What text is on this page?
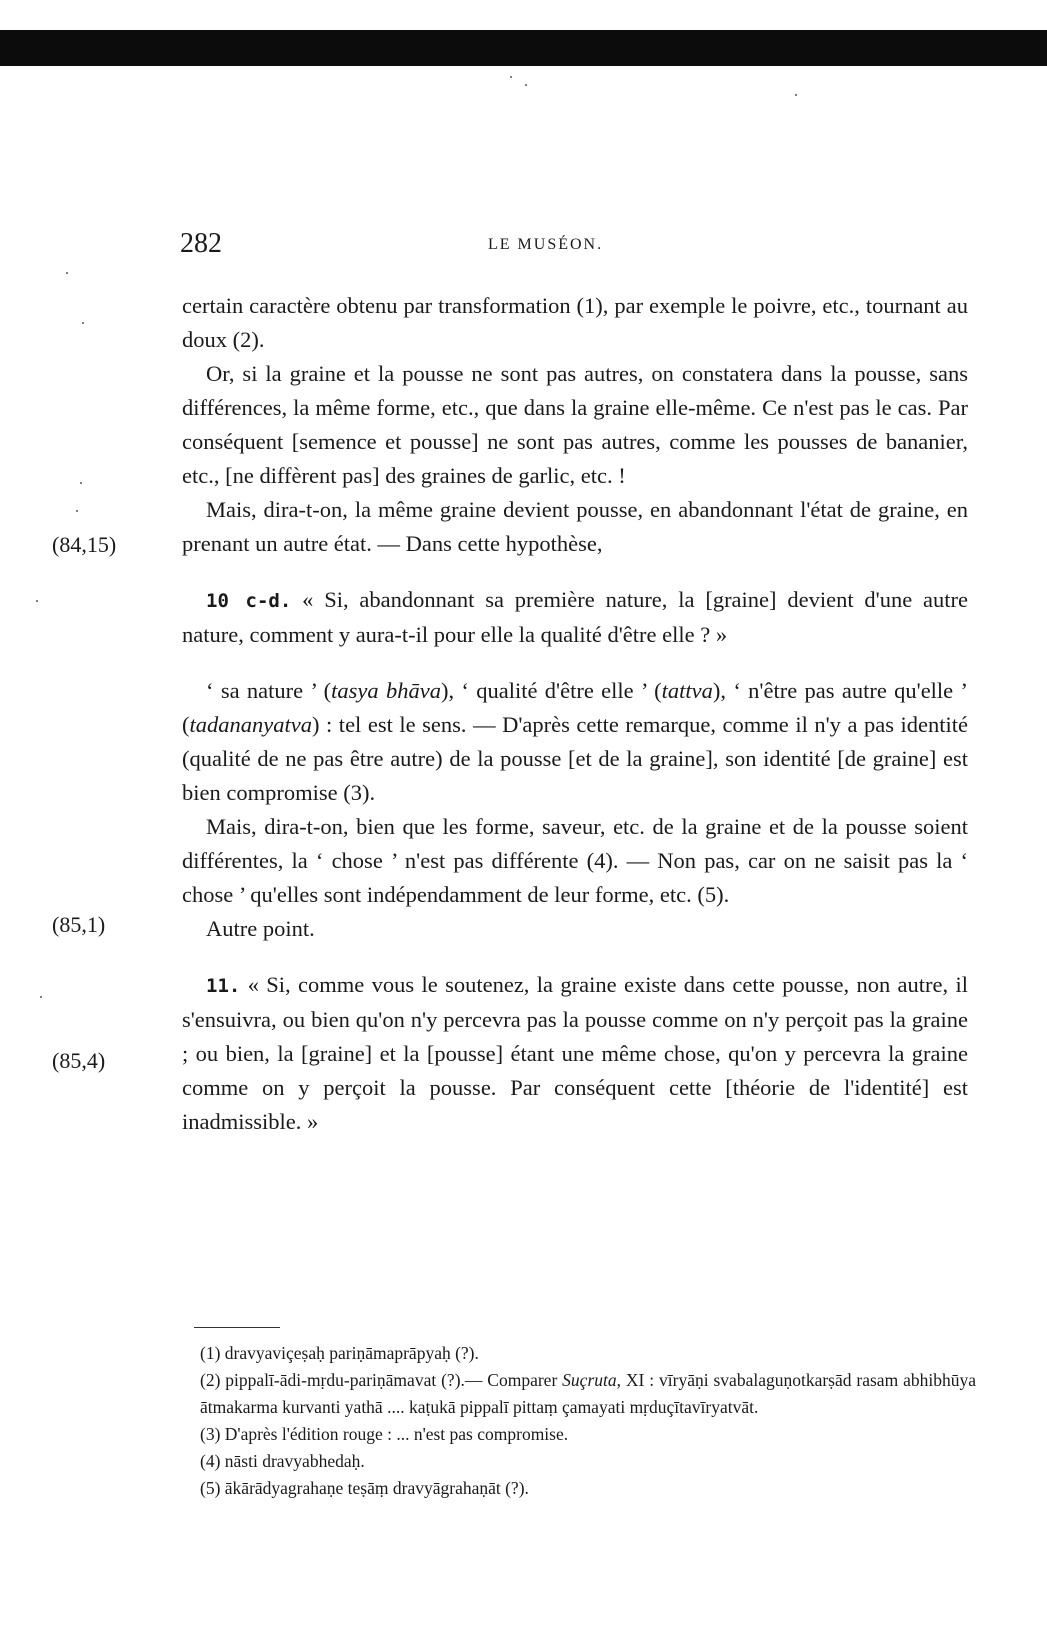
282	LE MUSÉON.
(84,15)
(85,1)
(85,4)

certain caractère obtenu par transformation (1), par exemple le poivre, etc., tournant au doux (2).

Or, si la graine et la pousse ne sont pas autres, on constatera dans la pousse, sans différences, la même forme, etc., que dans la graine elle-même. Ce n'est pas le cas. Par conséquent [semence et pousse] ne sont pas autres, comme les pousses de bananier, etc., [ne diffèrent pas] des graines de garlic, etc. !

Mais, dira-t-on, la même graine devient pousse, en abandonnant l'état de graine, en prenant un autre état. — Dans cette hypothèse,

10 c-d. « Si, abandonnant sa première nature, la [graine] devient d'une autre nature, comment y aura-t-il pour elle la qualité d'être elle ? »

‘ sa nature ’ (tasya bhāva), ‘ qualité d'être elle ’ (tattva), ‘ n'être pas autre qu'elle ’ (tadananyatva) : tel est le sens. — D'après cette remarque, comme il n'y a pas identité (qualité de ne pas être autre) de la pousse [et de la graine], son identité [de graine] est bien compromise (3).

Mais, dira-t-on, bien que les forme, saveur, etc. de la graine et de la pousse soient différentes, la ‘ chose ’ n'est pas différente (4). — Non pas, car on ne saisit pas la ‘ chose ’ qu'elles sont indépendamment de leur forme, etc. (5).

Autre point.

11. « Si, comme vous le soutenez, la graine existe dans cette pousse, non autre, il s'ensuivra, ou bien qu'on n'y percevra pas la pousse comme on n'y perçoit pas la graine ; ou bien, la [graine] et la [pousse] étant une même chose, qu'on y percevra la graine comme on y perçoit la pousse. Par conséquent cette [théorie de l'identité] est inadmissible. »

(1) dravyaviçeṣaḥ pariṇāmaprāpyaḥ (?).

(2) pippalī-ādi-mṛdu-pariṇāmavat (?).— Comparer Suçruta, XI : vīryāṇi svabalaguṇotkarṣād rasam abhibhūya ātmakarma kurvanti yathā .... kaṭukā pippalī pittaṃ çamayati mṛduçītavīryatvāt.

(3) D'après l'édition rouge : ... n'est pas compromise.

(4) nāsti dravyabhedaḥ.

(5) ākārādyagrahaṇe teṣāṃ dravyāgrahaṇāt (?).
